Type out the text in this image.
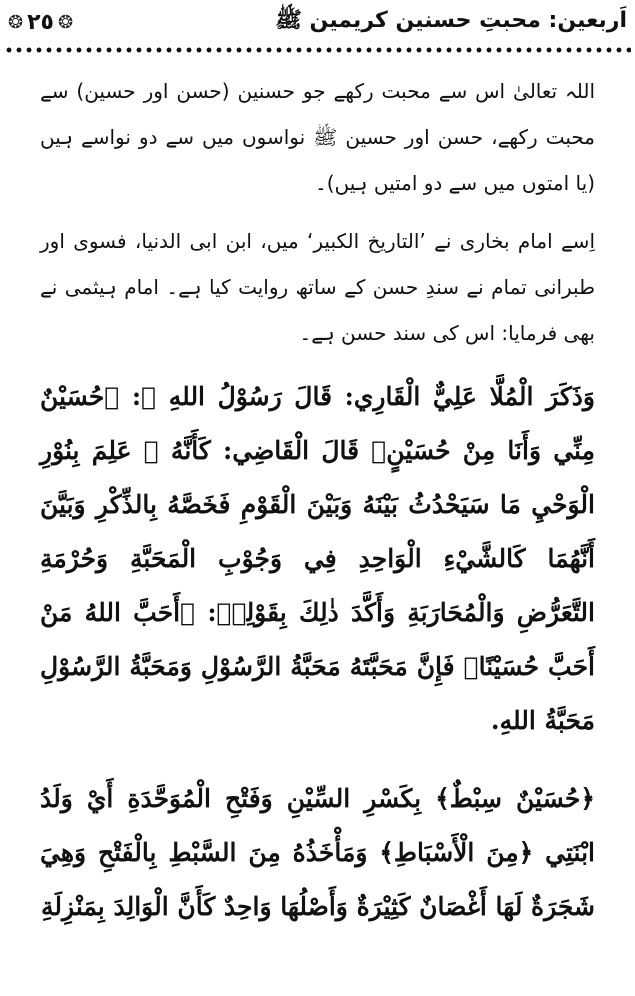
❂ ٢٥ ❂	اَربعین: محبتِ حسنین کریمین ﷺ

اللہ تعالیٰ اس سے محبت رکھے جو حسنین (حسن اور حسین) سے محبت رکھے، حسن اور حسین ﷺ نواسوں میں سے دو نواسے ہیں (یا امتوں میں سے دو امتیں ہیں)۔

اِسے امام بخاری نے ’التاریخ الکبیر‘ میں، ابن ابی الدنیا، فسوی اور طبرانی تمام نے سندِ حسن کے ساتھ روایت کیا ہے۔ امام ہیثمی نے بھی فرمایا: اس کی سند حسن ہے۔

وَذَكَرَ الْمُلَّا عَلِيٌّ الْقَارِي: قَالَ رَسُوْلُ اللهِ ﷺ: ﴿حُسَيْنٌ مِنِّي وَأَنَا مِنْ حُسَيْنٍ﴾ قَالَ الْقَاضِي: كَأَنَّهُ ﷺ عَلِمَ بِنُوْرِ الْوَحْيِ مَا سَيَحْدُثُ بَيْنَهُ وَبَيْنَ الْقَوْمِ فَخَصَّهُ بِالذِّكْرِ وَبَيَّنَ أَنَّهُمَا كَالشَّيْءِ الْوَاحِدِ فِي وَجُوْبِ الْمَحَبَّةِ وَحُرْمَةِ التَّعَرُّضِ وَالْمُحَارَبَةِ وَأَكَّدَ ذٰلِكَ بِقَوْلِهٖ: ﴿أَحَبَّ اللهُ مَنْ أَحَبَّ حُسَيْنًا﴾ فَإِنَّ مَحَبَّتَهُ مَحَبَّةُ الرَّسُوْلِ وَمَحَبَّةُ الرَّسُوْلِ مَحَبَّةُ اللهِ.

﴿حُسَيْنٌ سِبْطٌ﴾ بِكَسْرِ السِّيْنِ وَفَتْحِ الْمُوَحَّدَةِ أَيْ وَلَدُ ابْنَتِي ﴿مِنَ الْأَسْبَاطِ﴾ وَمَأْخَذُهُ مِنَ السَّبْطِ بِالْفَتْحِ وَهِيَ شَجَرَةٌ لَهَا أَغْصَانٌ كَثِيْرَةٌ وَأَصْلُهَا وَاحِدٌ كَأَنَّ الْوَالِدَ بِمَنْزِلَةِ
